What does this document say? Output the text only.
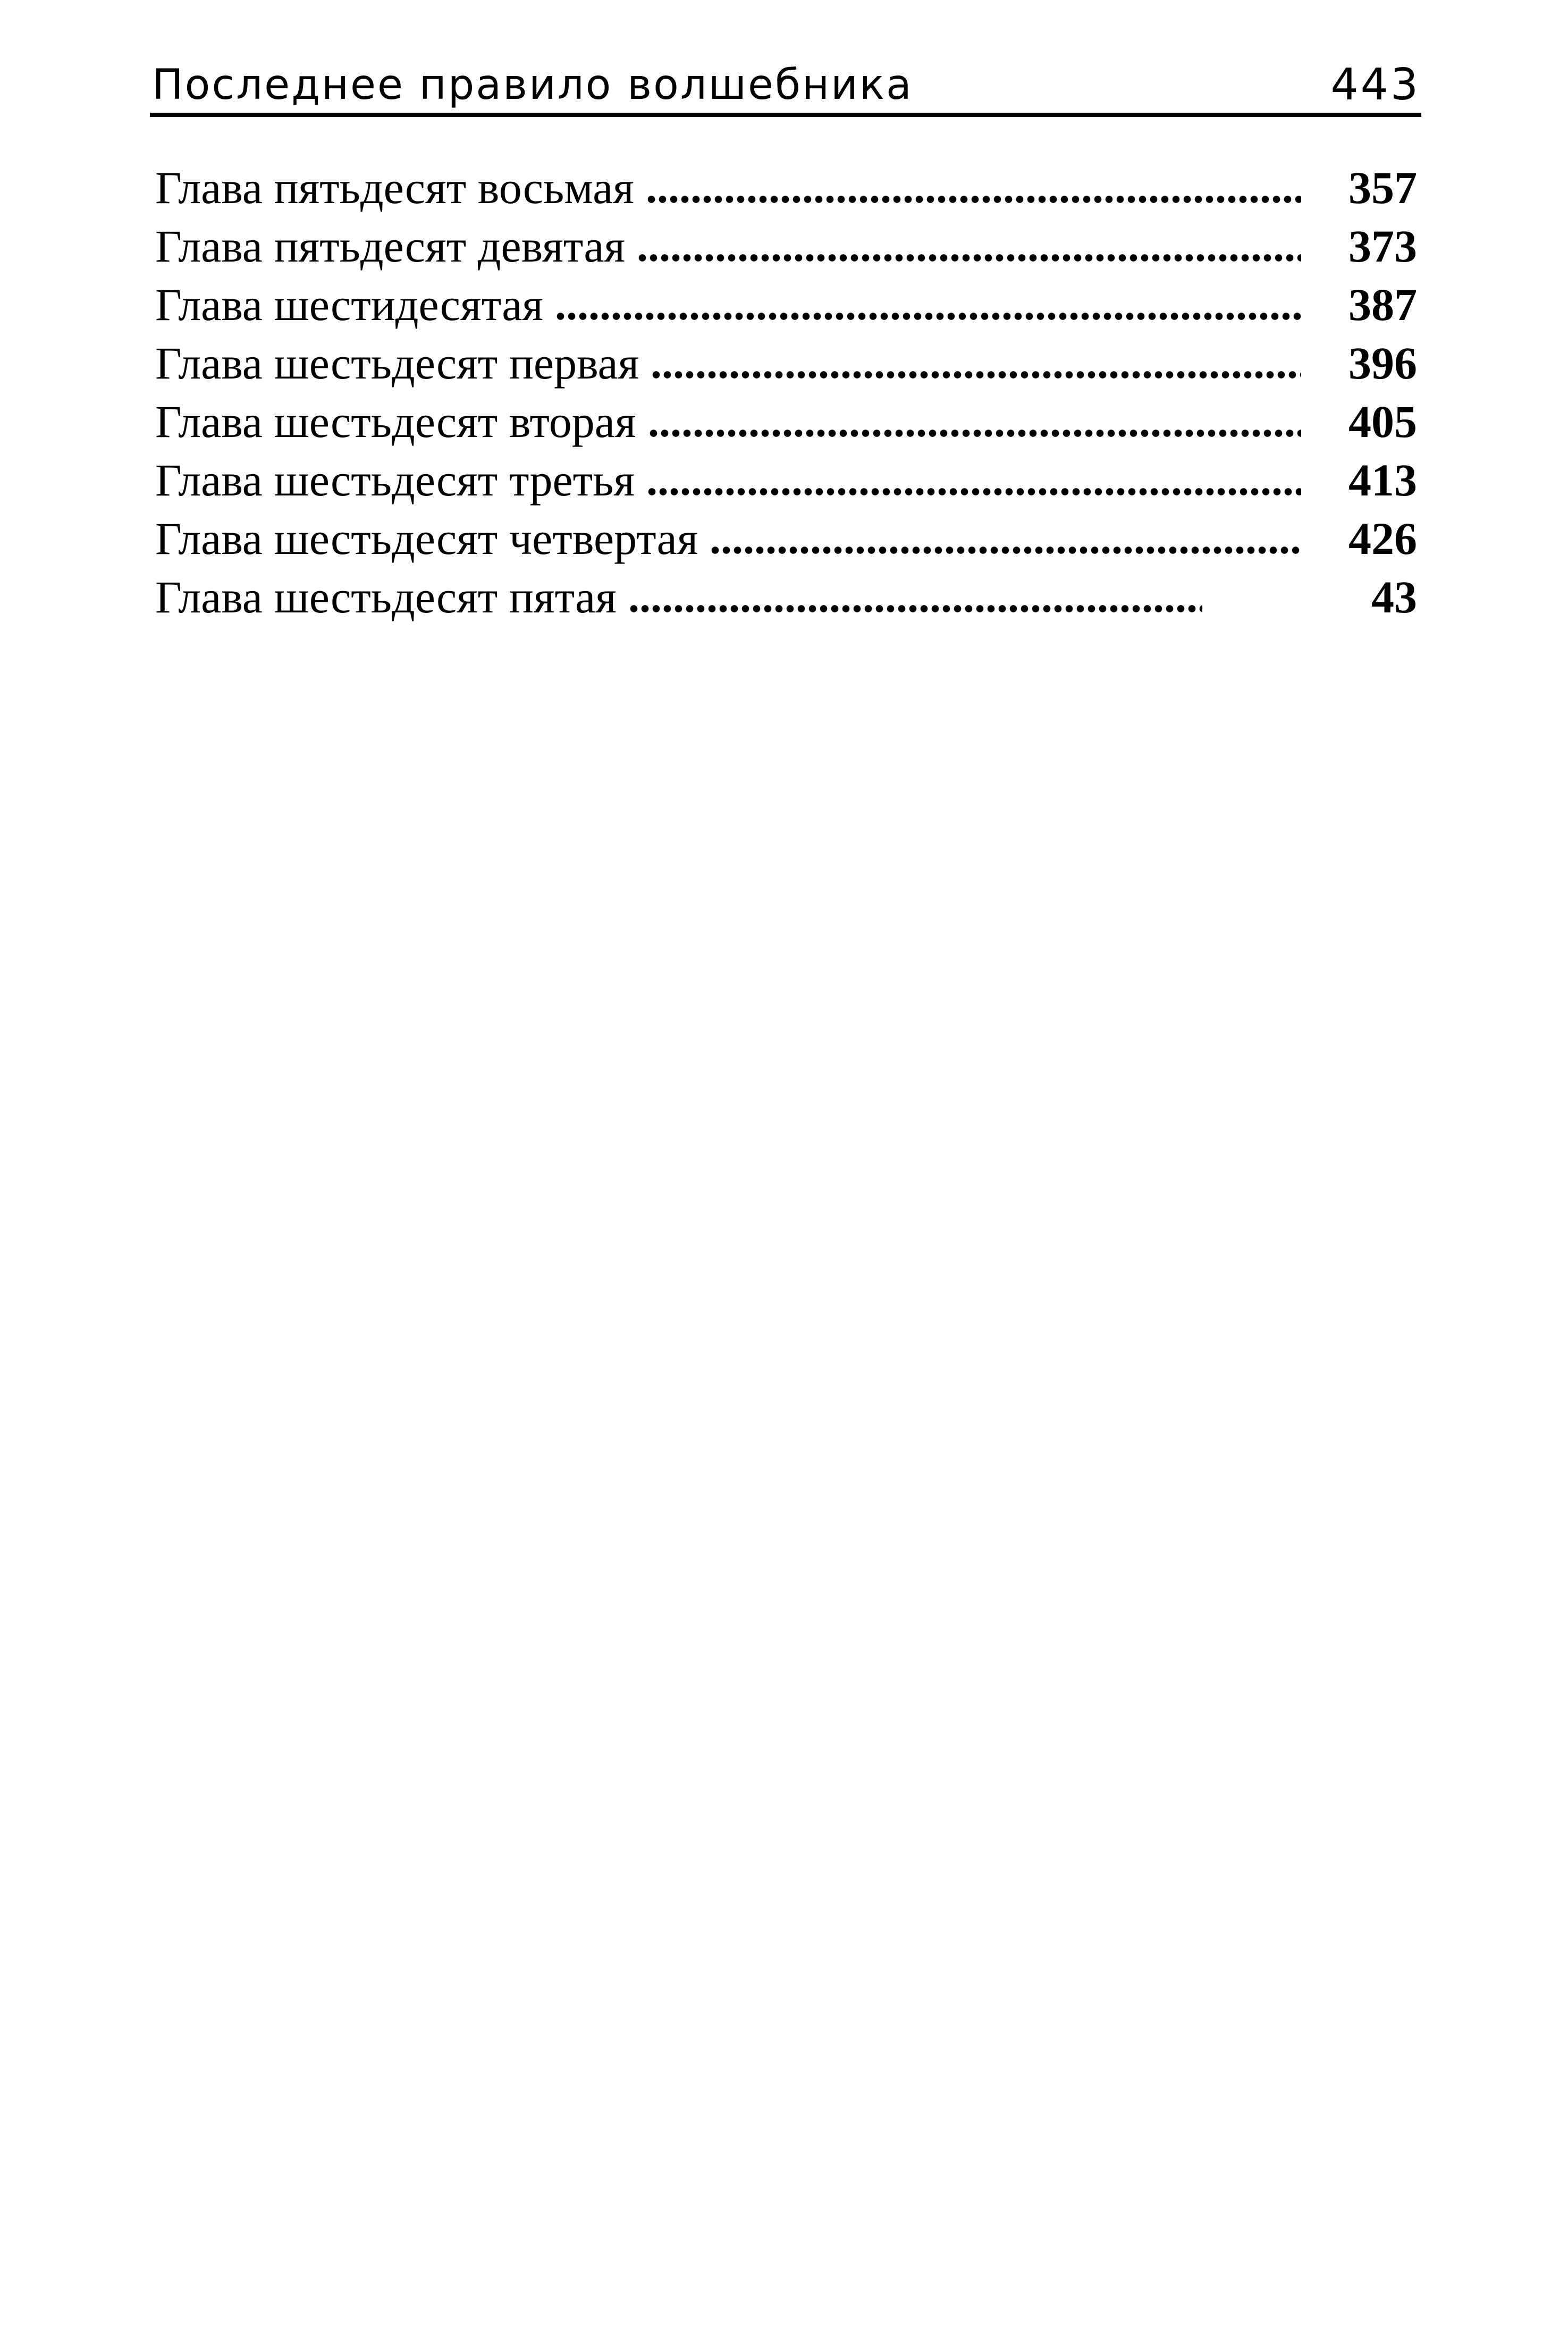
Последнее правило волшебника	443
Глава пятьдесят восьмая	357
Глава пятьдесят девятая	373
Глава шестидесятая	387
Глава шестьдесят первая	396
Глава шестьдесят вторая	405
Глава шестьдесят третья	413
Глава шестьдесят четвертая	426
Глава шестьдесят пятая	43
